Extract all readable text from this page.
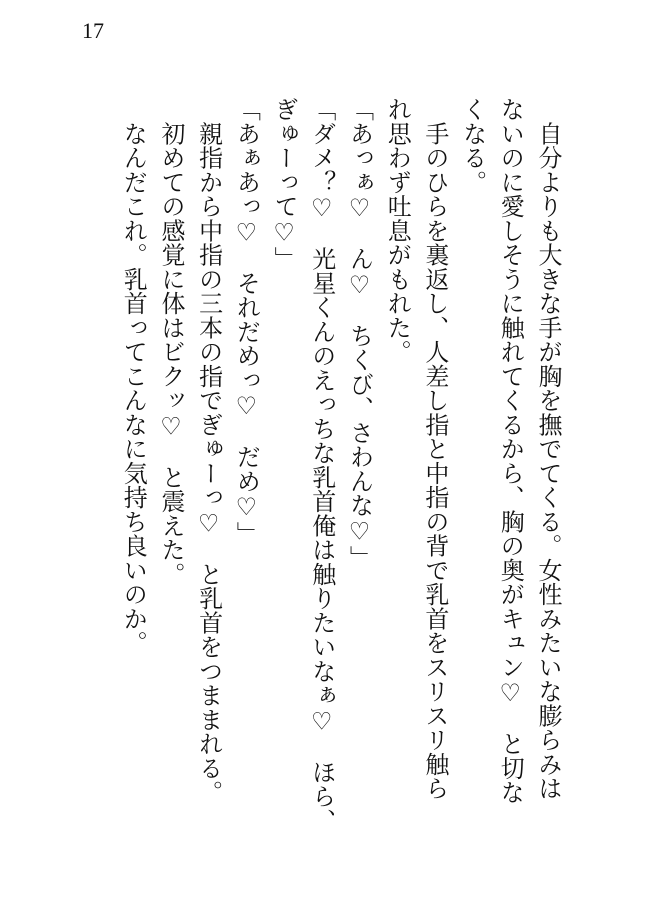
17
　自分よりも大きな手が胸を撫でてくる。女性みたいな膨らみは
ないのに愛しそうに触れてくるから、胸の奥がキュン♡　と切な
くなる。
　手のひらを裏返し、人差し指と中指の背で乳首をスリスリ触ら
れ思わず吐息がもれた。
「あっぁ♡　ん♡　ちくび、さわんな♡」
「ダメ？♡　光星くんのえっちな乳首俺は触りたいなぁ♡　ほら、
ぎゅーって♡」
「あぁあっ♡　それだめっ♡　だめ♡」
　親指から中指の三本の指でぎゅーっ♡　と乳首をつままれる。
　初めての感覚に体はビクッ♡　と震えた。
　なんだこれ。乳首ってこんなに気持ち良いのか。
